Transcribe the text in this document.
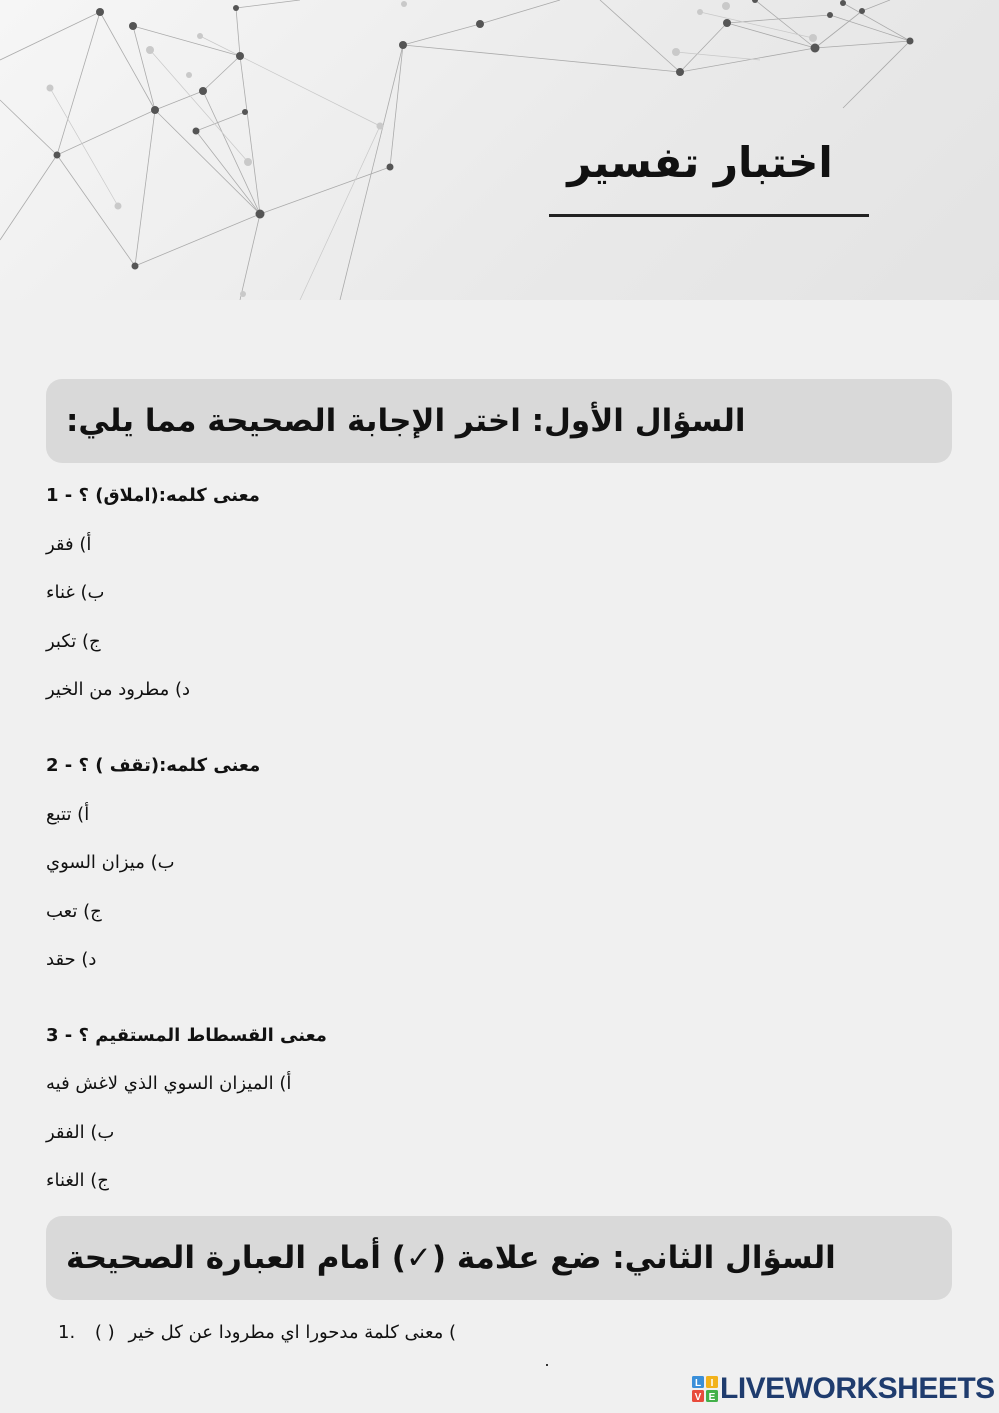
اختبار تفسير
:السؤال الأول: اختر الإجابة الصحيحة مما يلي
1 - معنى كلمه:(املاق) ؟
أ) فقر
ب) غناء
ج) تكبر
د) مطرود من الخير
2 - معنى كلمه:(تقف ) ؟
أ) تتبع
ب) ميزان السوي
ج) تعب
د) حقد
3 - معنى القسطاط المستقيم ؟
أ) الميزان السوي الذي لاغش فيه
ب) الفقر
ج) الغناء
السؤال الثاني: ضع علامة (✓) أمام العبارة الصحيحة
1. ( ) معنى كلمة مدحورا اي مطرودا عن كل خير (
L I
V E LIVEWORKSHEETS
